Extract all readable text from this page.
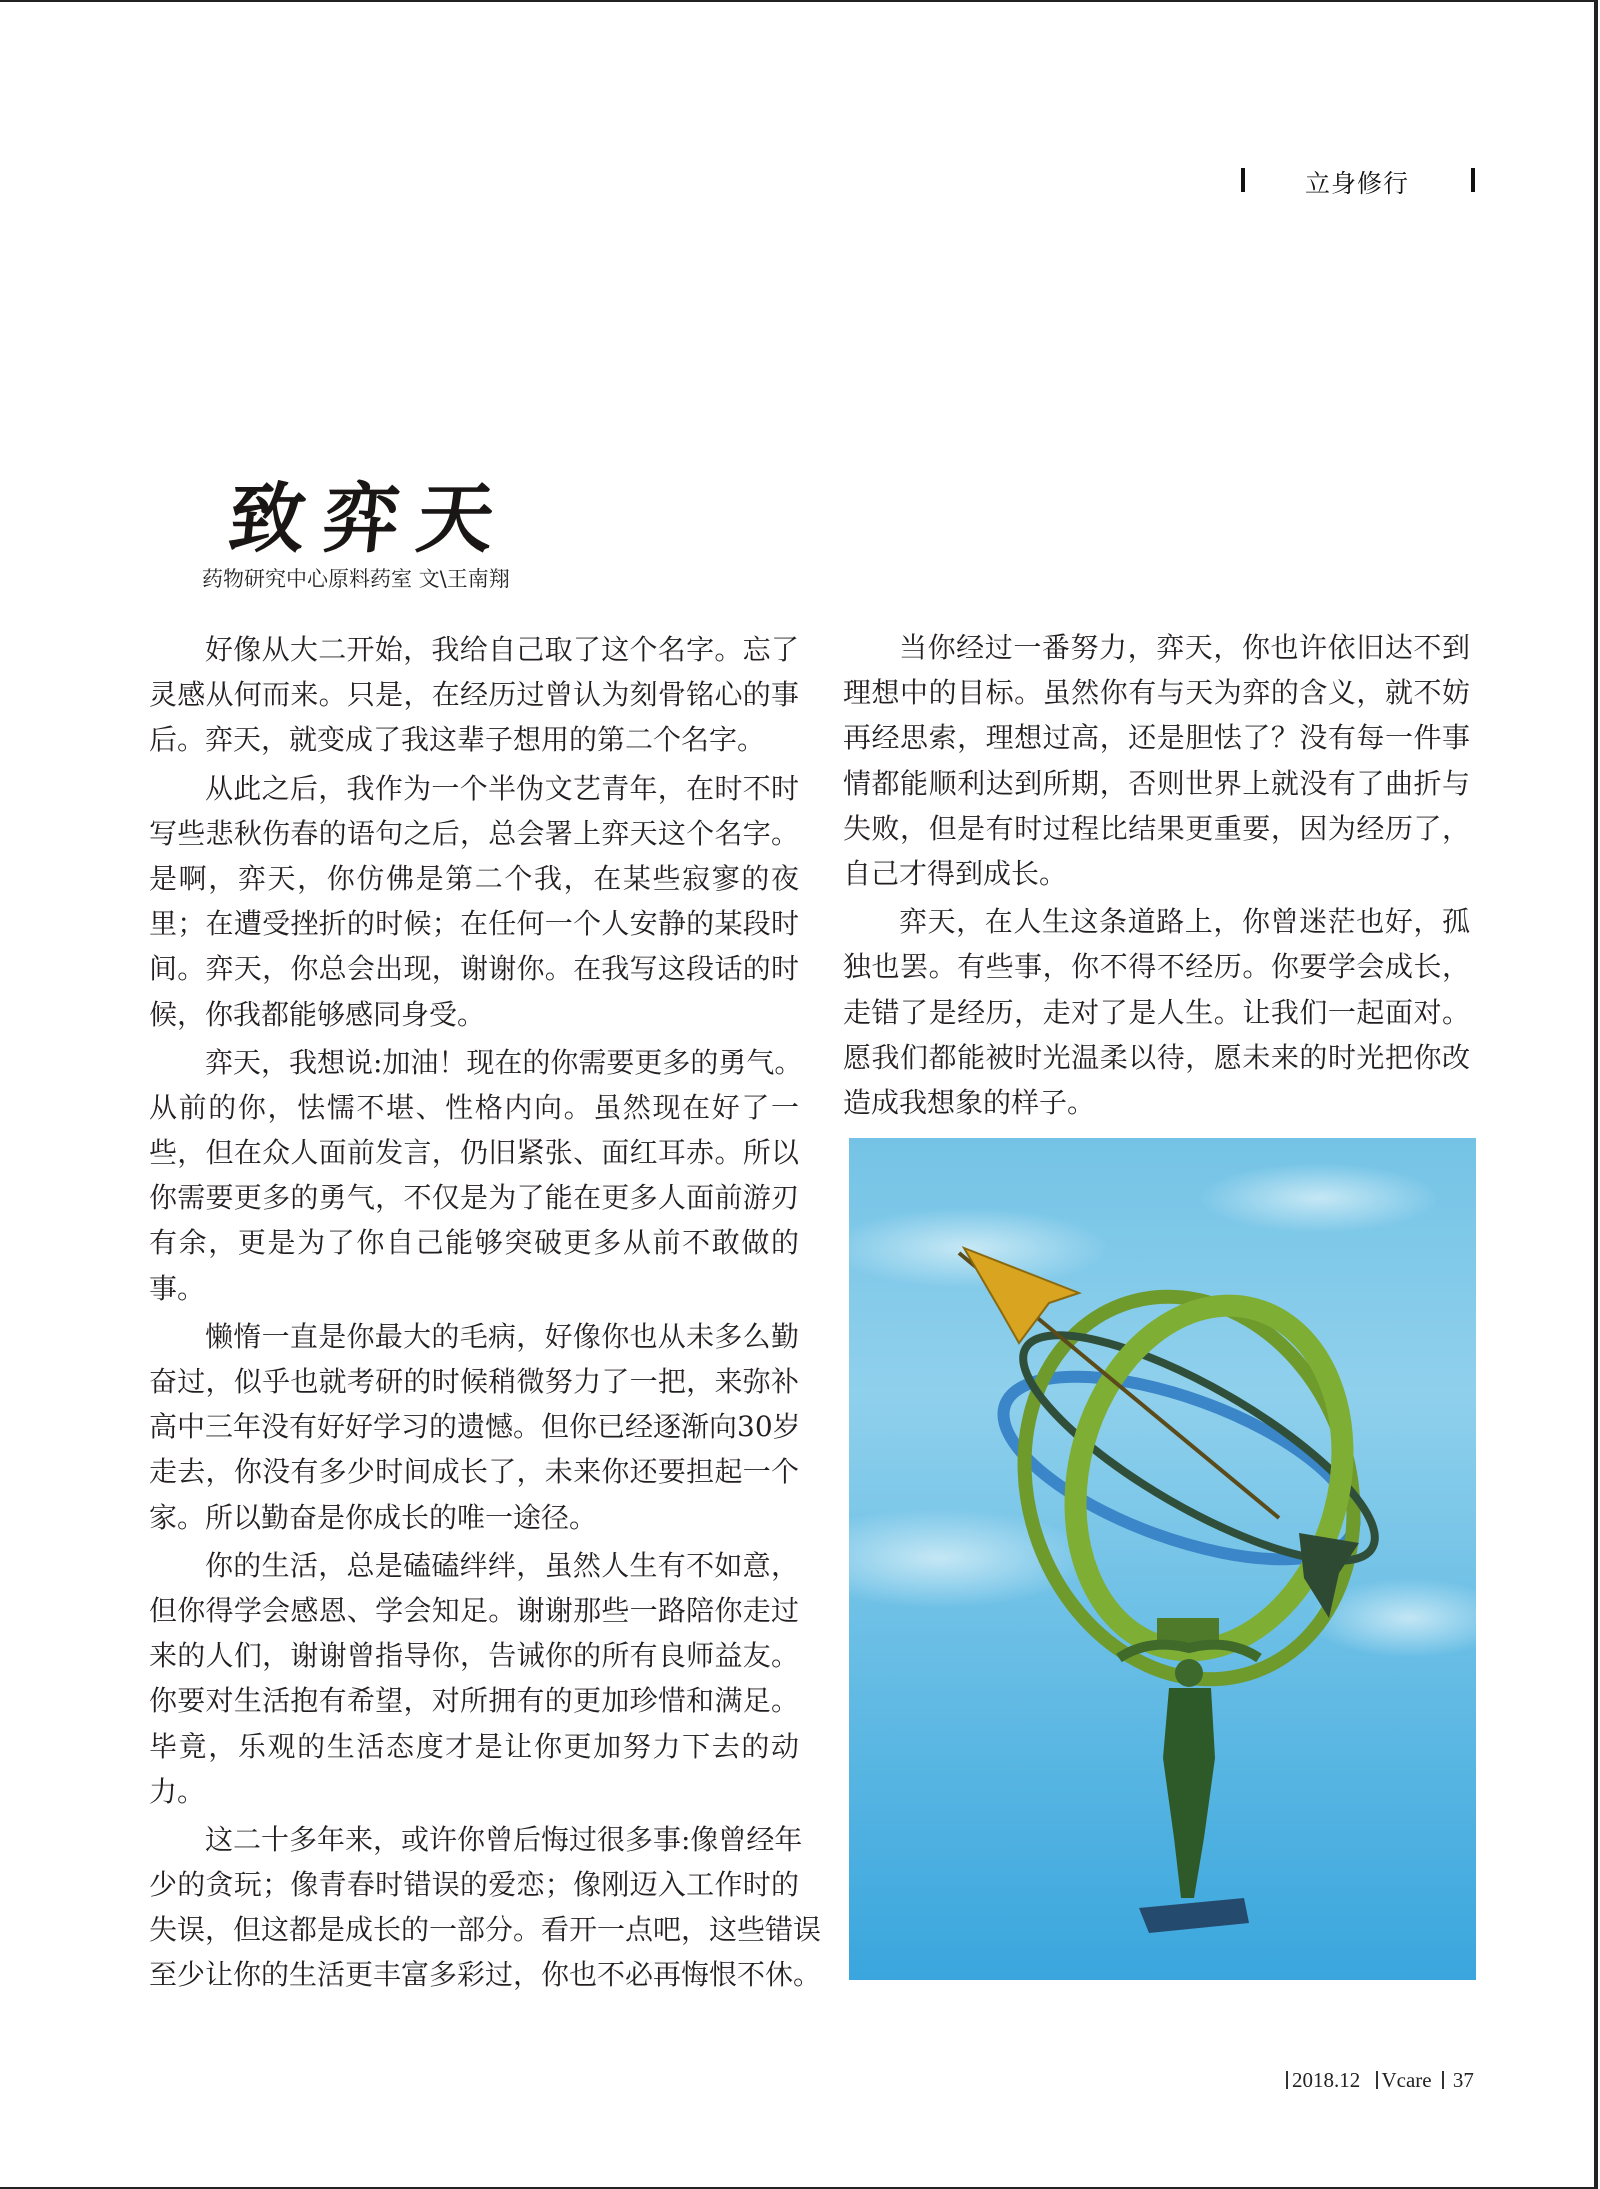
立身修行
致弈天
药物研究中心原料药室 文\王南翔
好像从大二开始，我给自己取了这个名字。忘了
灵感从何而来。只是，在经历过曾认为刻骨铭心的事
后。弈天，就变成了我这辈子想用的第二个名字。
从此之后，我作为一个半伪文艺青年，在时不时
写些悲秋伤春的语句之后，总会署上弈天这个名字。
是啊，弈天，你仿佛是第二个我，在某些寂寥的夜
里；在遭受挫折的时候；在任何一个人安静的某段时
间。弈天，你总会出现，谢谢你。在我写这段话的时
候，你我都能够感同身受。
弈天，我想说:加油！现在的你需要更多的勇气。
从前的你，怯懦不堪、性格内向。虽然现在好了一
些，但在众人面前发言，仍旧紧张、面红耳赤。所以
你需要更多的勇气，不仅是为了能在更多人面前游刃
有余，更是为了你自己能够突破更多从前不敢做的
事。
懒惰一直是你最大的毛病，好像你也从未多么勤
奋过，似乎也就考研的时候稍微努力了一把，来弥补
高中三年没有好好学习的遗憾。但你已经逐渐向30岁
走去，你没有多少时间成长了，未来你还要担起一个
家。所以勤奋是你成长的唯一途径。
你的生活，总是磕磕绊绊，虽然人生有不如意，
但你得学会感恩、学会知足。谢谢那些一路陪你走过
来的人们，谢谢曾指导你，告诫你的所有良师益友。
你要对生活抱有希望，对所拥有的更加珍惜和满足。
毕竟，乐观的生活态度才是让你更加努力下去的动
力。
这二十多年来，或许你曾后悔过很多事:像曾经年
少的贪玩；像青春时错误的爱恋；像刚迈入工作时的
失误，但这都是成长的一部分。看开一点吧，这些错误
至少让你的生活更丰富多彩过，你也不必再悔恨不休。
当你经过一番努力，弈天，你也许依旧达不到
理想中的目标。虽然你有与天为弈的含义，就不妨
再经思索，理想过高，还是胆怯了？没有每一件事
情都能顺利达到所期，否则世界上就没有了曲折与
失败，但是有时过程比结果更重要，因为经历了，
自己才得到成长。
弈天，在人生这条道路上，你曾迷茫也好，孤
独也罢。有些事，你不得不经历。你要学会成长，
走错了是经历，走对了是人生。让我们一起面对。
愿我们都能被时光温柔以待，愿未来的时光把你改
造成我想象的样子。
2018.12 Vcare 37
